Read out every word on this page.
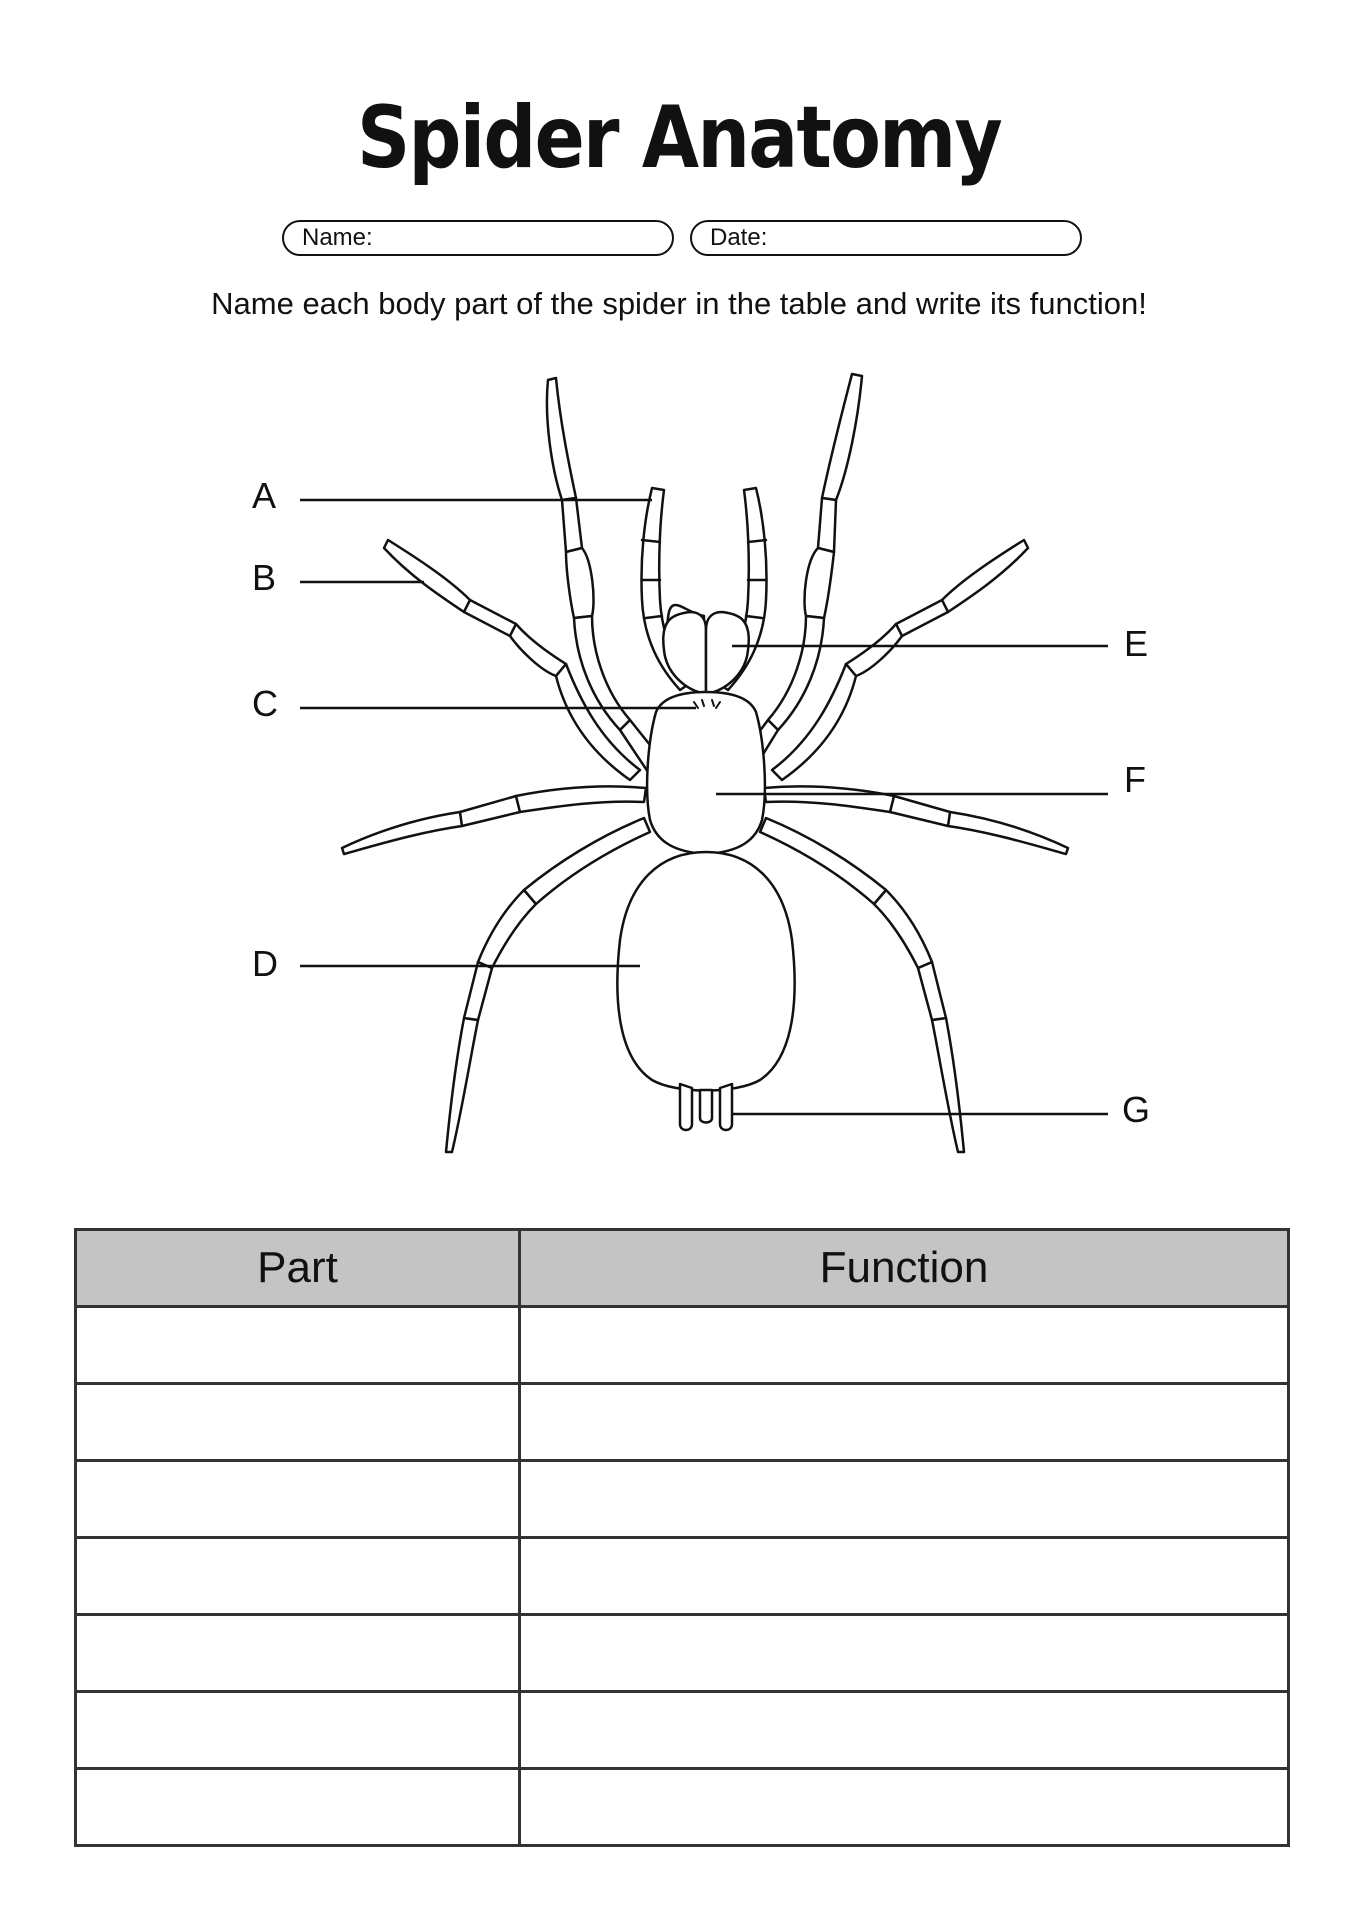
Spider Anatomy
Name:	Date:
Name each body part of the spider in the table and write its function!
A
B
C
D
E
F
G
Part	Function
